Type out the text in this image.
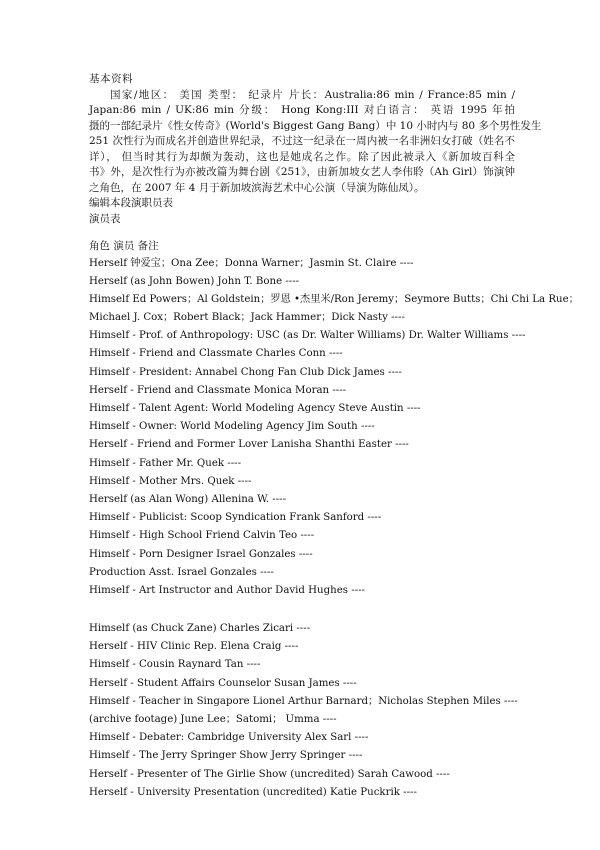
基本资料
国家/地区： 美国 类型： 纪录片 片长：Australia:86 min / France:85 min /
Japan:86 min / UK:86 min 分级： Hong Kong:III 对白语言： 英语 1995 年拍
摄的一部纪录片《性女传奇》(World's Biggest Gang Bang）中 10 小时内与 80 多个男性发生
251 次性行为而成名并创造世界纪录，不过这一纪录在一周内被一名非洲妇女打破（姓名不
详）， 但当时其行为却颇为轰动，这也是她成名之作。除了因此被录入《新加坡百科全
书》外，是次性行为亦被改篇为舞台剧《251》，由新加坡女艺人李伟聆（Ah Girl）饰演钟
之角色，在 2007 年 4 月于新加坡滨海艺术中心公演（导演为陈仙凤）。
编辑本段演职员表
演员表
角色 演员 备注
Herself 钟爱宝；Ona Zee；Donna Warner；Jasmin St. Claire ----
Herself (as John Bowen) John T. Bone ----
Himself Ed Powers；Al Goldstein；罗恩 •杰里米/Ron Jeremy；Seymore Butts；Chi Chi La Rue；
Michael J. Cox；Robert Black；Jack Hammer；Dick Nasty ----
Himself - Prof. of Anthropology: USC (as Dr. Walter Williams) Dr. Walter Williams ----
Himself - Friend and Classmate Charles Conn ----
Himself - President: Annabel Chong Fan Club Dick James ----
Herself - Friend and Classmate Monica Moran ----
Himself - Talent Agent: World Modeling Agency Steve Austin ----
Himself - Owner: World Modeling Agency Jim South ----
Herself - Friend and Former Lover Lanisha Shanthi Easter ----
Himself - Father Mr. Quek ----
Himself - Mother Mrs. Quek ----
Herself (as Alan Wong) Allenina W. ----
Himself - Publicist: Scoop Syndication Frank Sanford ----
Himself - High School Friend Calvin Teo ----
Himself - Porn Designer Israel Gonzales ----
Production Asst. Israel Gonzales ----
Himself - Art Instructor and Author David Hughes ----
Himself (as Chuck Zane) Charles Zicari ----
Herself - HIV Clinic Rep. Elena Craig ----
Himself - Cousin Raynard Tan ----
Herself - Student Affairs Counselor Susan James ----
Himself - Teacher in Singapore Lionel Arthur Barnard；Nicholas Stephen Miles ----
(archive footage) June Lee；Satomi； Umma ----
Himself - Debater: Cambridge University Alex Sarl ----
Himself - The Jerry Springer Show Jerry Springer ----
Herself - Presenter of The Girlie Show (uncredited) Sarah Cawood ----
Herself - University Presentation (uncredited) Katie Puckrik ----
